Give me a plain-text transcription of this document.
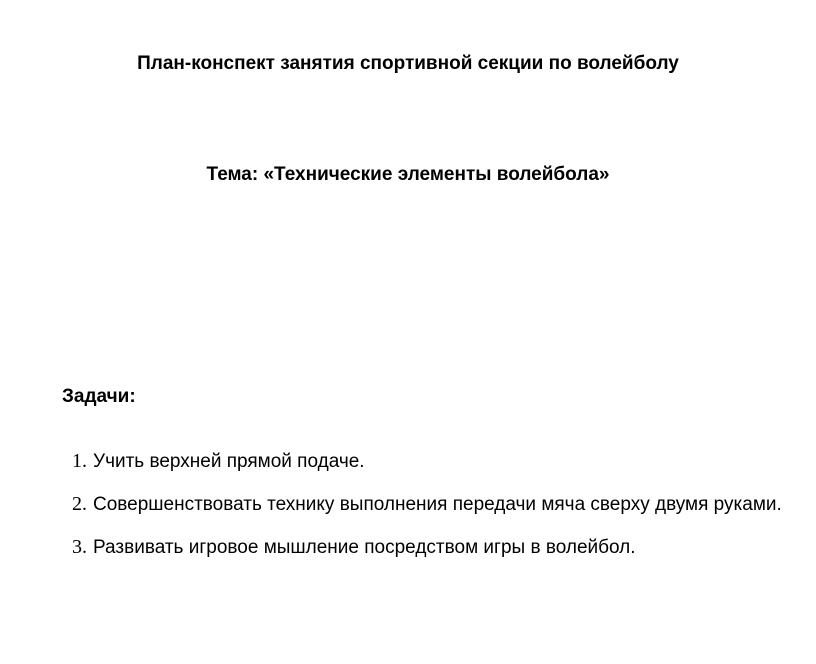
План-конспект занятия спортивной секции по волейболу
Тема: «Технические элементы волейбола»
Задачи:
1. Учить верхней прямой подаче.
2. Совершенствовать технику выполнения передачи мяча сверху двумя руками.
3. Развивать игровое мышление посредством игры в волейбол.
